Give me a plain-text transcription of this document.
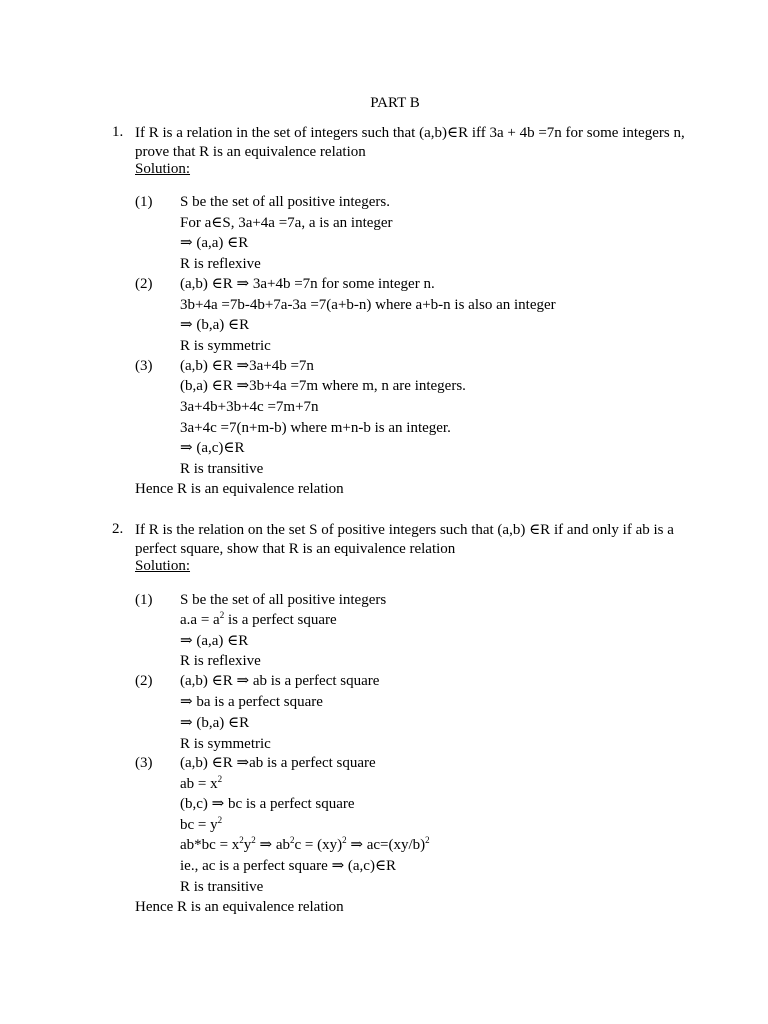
PART B
1. If R is a relation in the set of integers such that (a,b)∈R iff 3a + 4b =7n for some integers n, prove that R is an equivalence relation
Solution:
(1) S be the set of all positive integers.
For a∈S, 3a+4a =7a, a is an integer
⇒ (a,a) ∈R
R is reflexive
(2) (a,b) ∈R ⇒ 3a+4b =7n for some integer n.
3b+4a =7b-4b+7a-3a =7(a+b-n) where a+b-n is also an integer
⇒ (b,a) ∈R
R is symmetric
(3) (a,b) ∈R ⇒3a+4b =7n
(b,a) ∈R ⇒3b+4a =7m where m, n are integers.
3a+4b+3b+4c =7m+7n
3a+4c =7(n+m-b) where m+n-b is an integer.
⇒ (a,c)∈R
R is transitive
Hence R is an equivalence relation
2. If R is the relation on the set S of positive integers such that (a,b) ∈R if and only if ab is a perfect square, show that R is an equivalence relation
Solution:
(1) S be the set of all positive integers
$a.a = a^2$ is a perfect square
⇒ (a,a) ∈R
R is reflexive
(2) (a,b) ∈R ⇒ ab is a perfect square
⇒ ba is a perfect square
⇒ (b,a) ∈R
R is symmetric
(3) (a,b) ∈R ⇒ab is a perfect square
ab = $x^2$
(b,c) ⇒ bc is a perfect square
bc = $y^2$
$ab*bc = x^2y^2$ ⇒ $ab^2c = (xy)^2$ ⇒ $ac=(xy/b)^2$
ie., ac is a perfect square ⇒ (a,c)∈R
R is transitive
Hence R is an equivalence relation
